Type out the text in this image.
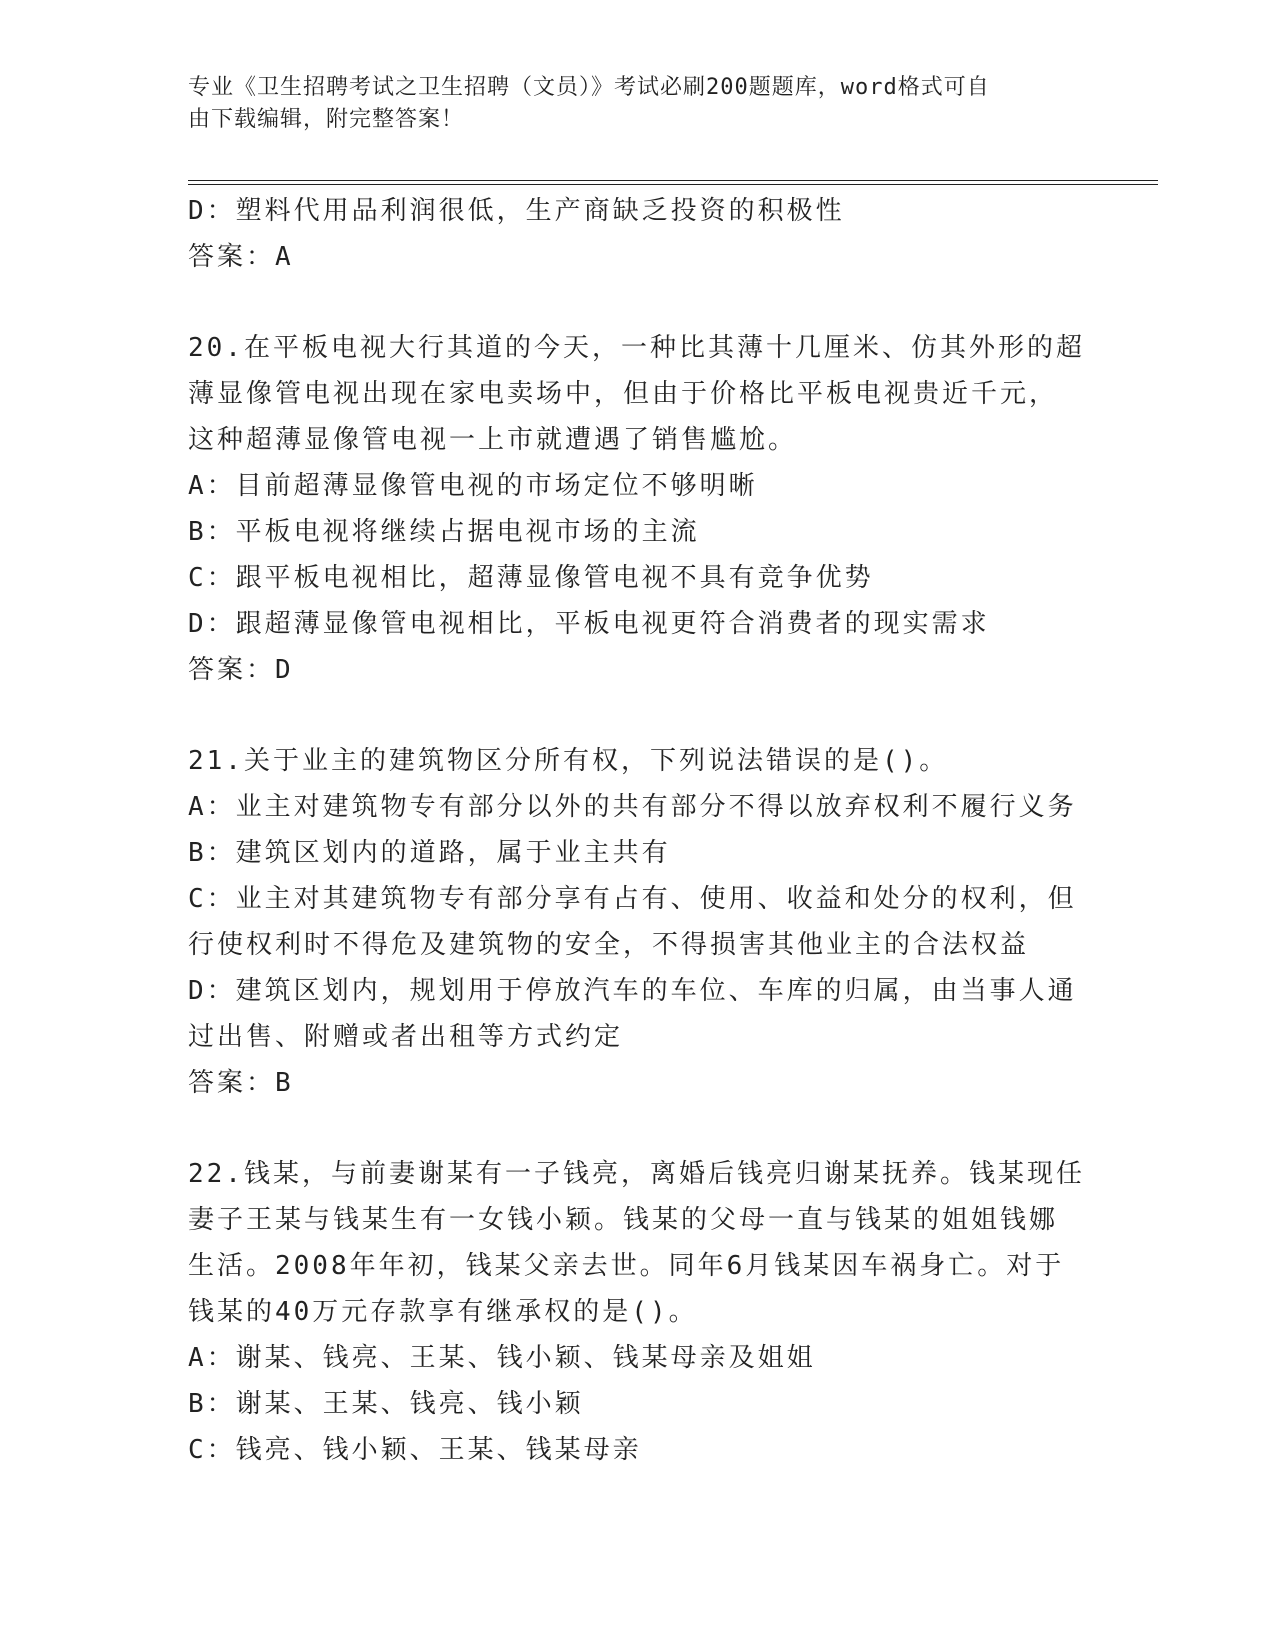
专业《卫生招聘考试之卫生招聘（文员）》考试必刷200题题库，word格式可自
由下载编辑，附完整答案！
D：塑料代用品利润很低，生产商缺乏投资的积极性
答案：A
20.在平板电视大行其道的今天，一种比其薄十几厘米、仿其外形的超
薄显像管电视出现在家电卖场中，但由于价格比平板电视贵近千元，
这种超薄显像管电视一上市就遭遇了销售尴尬。
A：目前超薄显像管电视的市场定位不够明晰
B：平板电视将继续占据电视市场的主流
C：跟平板电视相比，超薄显像管电视不具有竞争优势
D：跟超薄显像管电视相比，平板电视更符合消费者的现实需求
答案：D
21.关于业主的建筑物区分所有权，下列说法错误的是()。
A：业主对建筑物专有部分以外的共有部分不得以放弃权利不履行义务
B：建筑区划内的道路，属于业主共有
C：业主对其建筑物专有部分享有占有、使用、收益和处分的权利，但
行使权利时不得危及建筑物的安全，不得损害其他业主的合法权益
D：建筑区划内，规划用于停放汽车的车位、车库的归属，由当事人通
过出售、附赠或者出租等方式约定
答案：B
22.钱某，与前妻谢某有一子钱亮，离婚后钱亮归谢某抚养。钱某现任
妻子王某与钱某生有一女钱小颖。钱某的父母一直与钱某的姐姐钱娜
生活。2008年年初，钱某父亲去世。同年6月钱某因车祸身亡。对于
钱某的40万元存款享有继承权的是()。
A：谢某、钱亮、王某、钱小颖、钱某母亲及姐姐
B：谢某、王某、钱亮、钱小颖
C：钱亮、钱小颖、王某、钱某母亲
